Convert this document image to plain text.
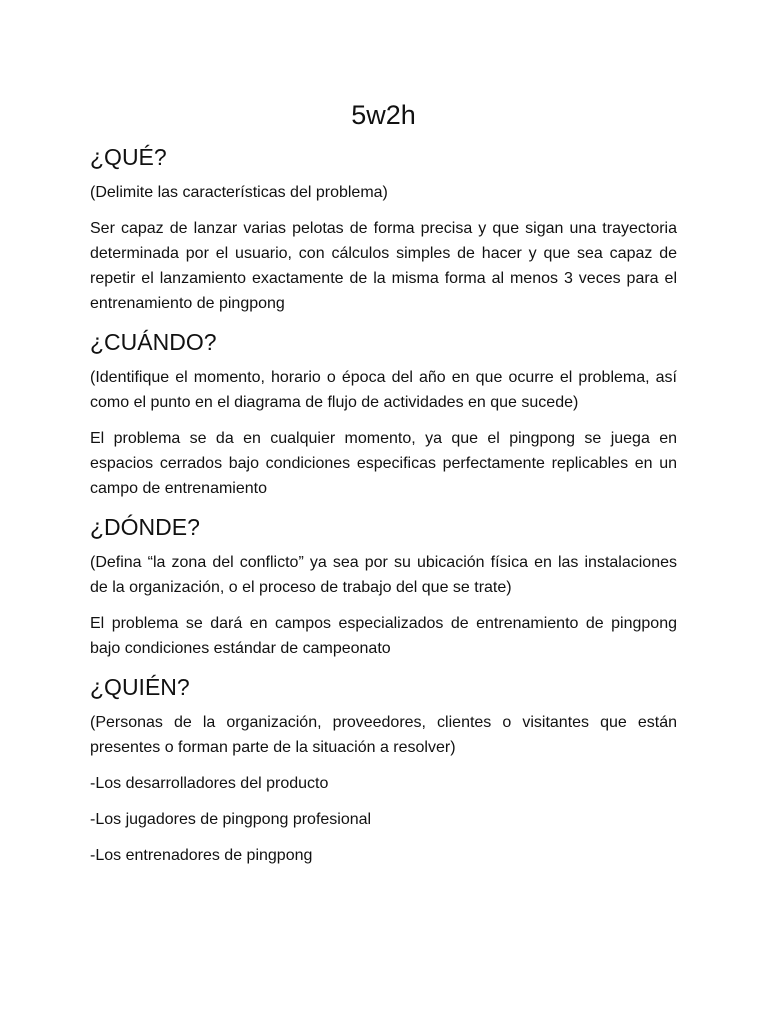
5w2h
¿QUÉ?

(Delimite las características del problema)

Ser capaz de lanzar varias pelotas de forma precisa y que sigan una trayectoria determinada por el usuario, con cálculos simples de hacer y que sea capaz de repetir el lanzamiento exactamente de la misma forma al menos 3 veces para el entrenamiento de pingpong

¿CUÁNDO?

(Identifique el momento, horario o época del año en que ocurre el problema, así como el punto en el diagrama de flujo de actividades en que sucede)

El problema se da en cualquier momento, ya que el pingpong se juega en espacios cerrados bajo condiciones especificas perfectamente replicables en un campo de entrenamiento

¿DÓNDE?

(Defina “la zona del conflicto” ya sea por su ubicación física en las instalaciones de la organización, o el proceso de trabajo del que se trate)

El problema se dará en campos especializados de entrenamiento de pingpong bajo condiciones estándar de campeonato

¿QUIÉN?

(Personas de la organización, proveedores, clientes o visitantes que están presentes o forman parte de la situación a resolver)

-Los desarrolladores del producto

-Los jugadores de pingpong profesional

-Los entrenadores de pingpong
